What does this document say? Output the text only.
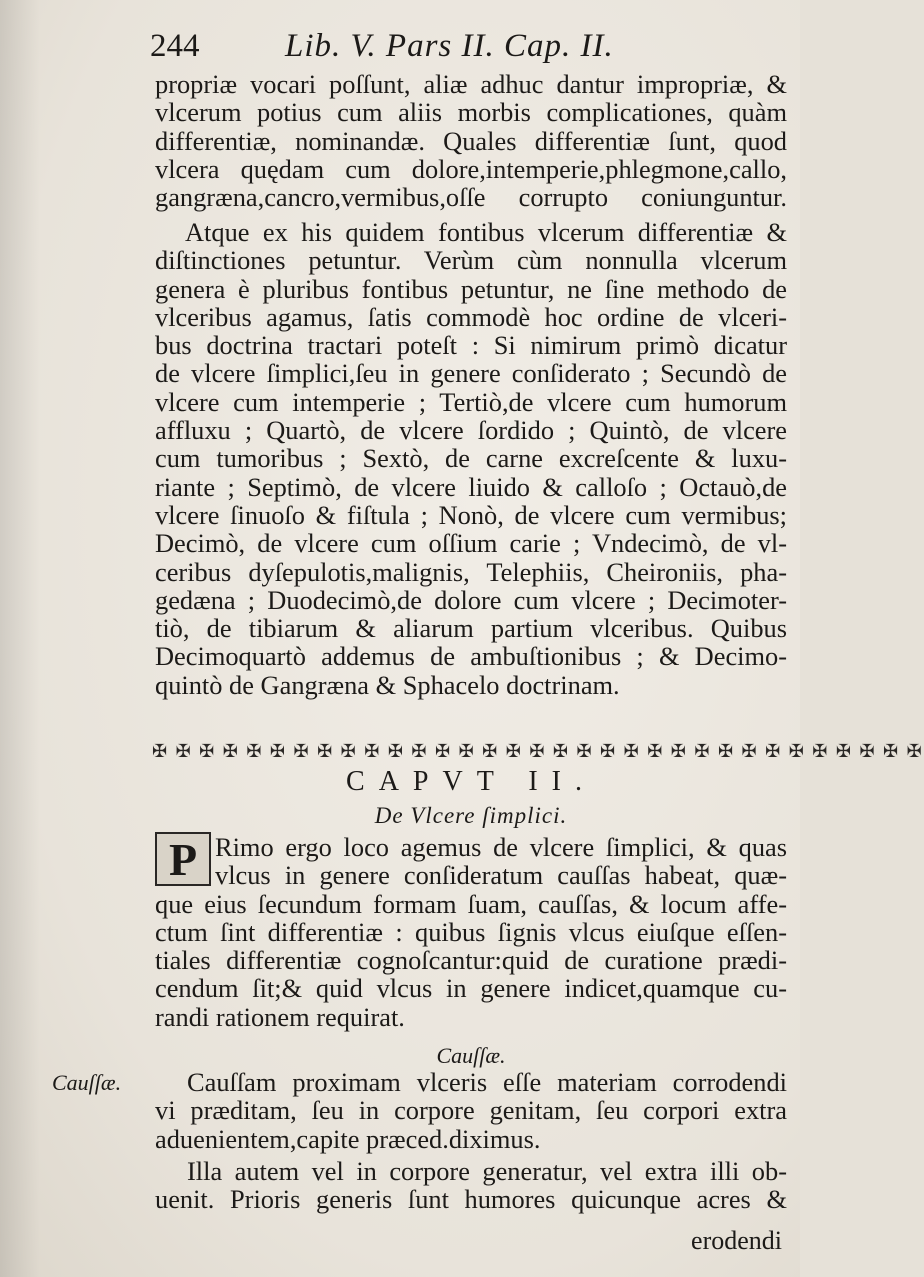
244	Lib. V. Pars II. Cap. II.
propriæ vocari poſſunt, aliæ adhuc dantur impropriæ, &
vlcerum potius cum aliis morbis complicationes, quàm
differentiæ, nominandæ. Quales differentiæ ſunt, quod
vlcera quędam cum dolore,intemperie,phlegmone,callo,
gangræna,cancro,vermibus,oſſe corrupto coniunguntur.
Atque ex his quidem fontibus vlcerum differentiæ &
diſtinctiones petuntur. Verùm cùm nonnulla vlcerum
genera è pluribus fontibus petuntur, ne ſine methodo de
vlceribus agamus, ſatis commodè hoc ordine de vlceri-
bus doctrina tractari poteſt : Si nimirum primò dicatur
de vlcere ſimplici,ſeu in genere conſiderato ; Secundò de
vlcere cum intemperie ; Tertiò,de vlcere cum humorum
affluxu ; Quartò, de vlcere ſordido ; Quintò, de vlcere
cum tumoribus ; Sextò, de carne excreſcente & luxu-
riante ; Septimò, de vlcere liuido & calloſo ; Octauò,de
vlcere ſinuoſo & fiſtula ; Nonò, de vlcere cum vermibus;
Decimò, de vlcere cum oſſium carie ; Vndecimò, de vl-
ceribus dyſepulotis,malignis, Telephiis, Cheironiis, pha-
gedæna ; Duodecimò,de dolore cum vlcere ; Decimoter-
tiò, de tibiarum & aliarum partium vlceribus. Quibus
Decimoquartò addemus de ambuſtionibus ; & Decimo-
quintò de Gangræna & Sphacelo doctrinam.
✠ ✠ ✠ ✠ ✠ ✠ ✠ ✠ ✠ ✠ ✠ ✠ ✠ ✠ ✠ ✠ ✠ ✠ ✠ ✠ ✠ ✠ ✠ ✠ ✠ ✠ ✠ ✠ ✠ ✠ ✠ ✠ ✠
CAPVT II.
De Vlcere ſimplici.
P Rimo ergo loco agemus de vlcere ſimplici, & quas
vlcus in genere conſideratum cauſſas habeat, quæ-
que eius ſecundum formam ſuam, cauſſas, & locum affe-
ctum ſint differentiæ : quibus ſignis vlcus eiuſque eſſen-
tiales differentiæ cognoſcantur:quid de curatione prædi-
cendum ſit;& quid vlcus in genere indicet,quamque cu-
randi rationem requirat.
Cauſſæ.
Cauſſæ.	Cauſſam proximam vlceris eſſe materiam corrodendi
vi præditam, ſeu in corpore genitam, ſeu corpori extra
aduenientem,capite præced.diximus.
Illa autem vel in corpore generatur, vel extra illi ob-
uenit. Prioris generis ſunt humores quicunque acres &
erodendi
